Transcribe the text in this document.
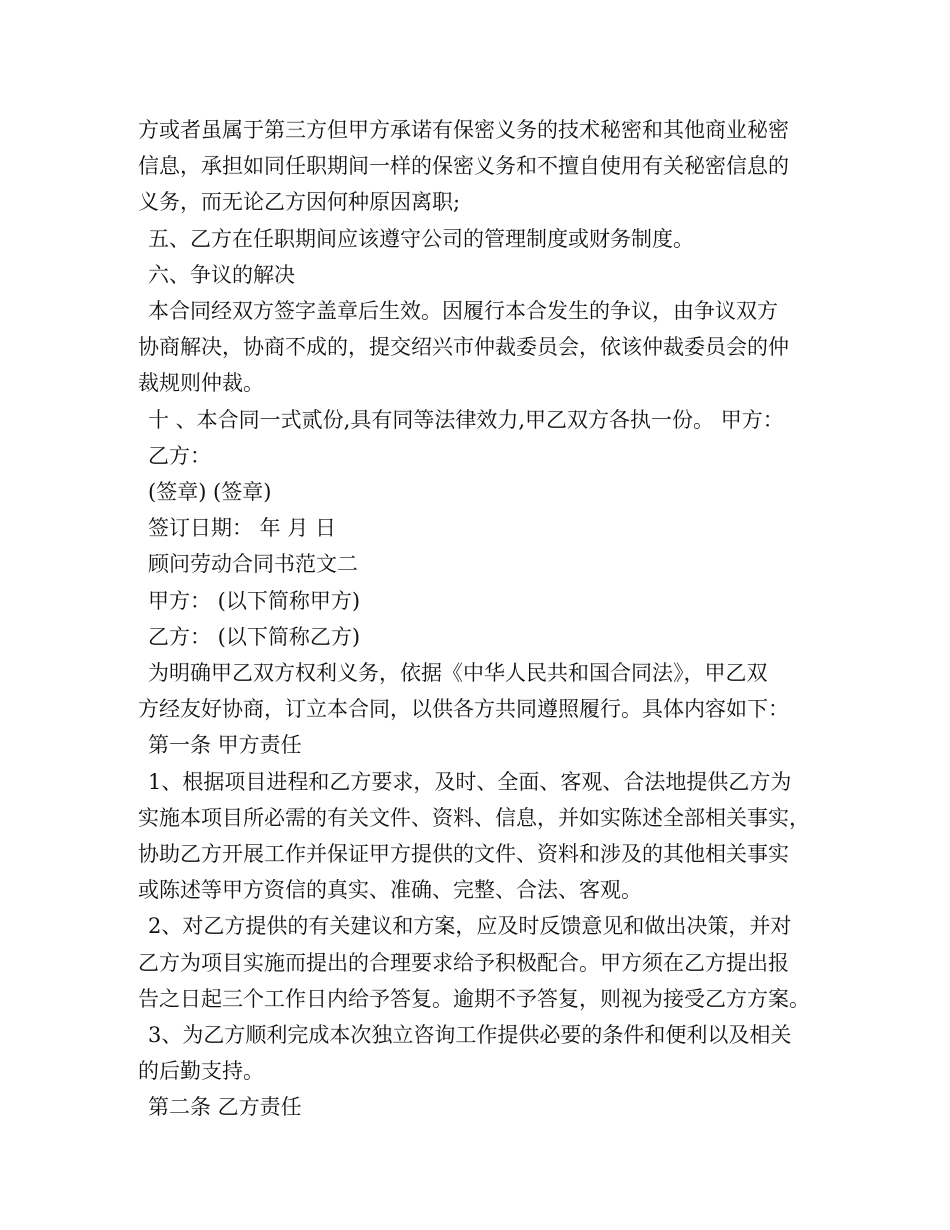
方或者虽属于第三方但甲方承诺有保密义务的技术秘密和其他商业秘密

信息，承担如同任职期间一样的保密义务和不擅自使用有关秘密信息的

义务，而无论乙方因何种原因离职;

五、乙方在任职期间应该遵守公司的管理制度或财务制度。

六、争议的解决

本合同经双方签字盖章后生效。因履行本合发生的争议，由争议双方

协商解决，协商不成的，提交绍兴市仲裁委员会，依该仲裁委员会的仲

裁规则仲裁。

十 、本合同一式贰份,具有同等法律效力,甲乙双方各执一份。 甲方：

乙方：

(签章) (签章)

签订日期： 年 月 日

顾问劳动合同书范文二

甲方： (以下简称甲方)

乙方： (以下简称乙方)

为明确甲乙双方权利义务，依据《中华人民共和国合同法》，甲乙双

方经友好协商，订立本合同，以供各方共同遵照履行。具体内容如下：

第一条 甲方责任

1、根据项目进程和乙方要求，及时、全面、客观、合法地提供乙方为

实施本项目所必需的有关文件、资料、信息，并如实陈述全部相关事实，

协助乙方开展工作并保证甲方提供的文件、资料和涉及的其他相关事实

或陈述等甲方资信的真实、准确、完整、合法、客观。

2、对乙方提供的有关建议和方案，应及时反馈意见和做出决策，并对

乙方为项目实施而提出的合理要求给予积极配合。甲方须在乙方提出报

告之日起三个工作日内给予答复。逾期不予答复，则视为接受乙方方案。

3、为乙方顺利完成本次独立咨询工作提供必要的条件和便利以及相关

的后勤支持。

第二条 乙方责任
